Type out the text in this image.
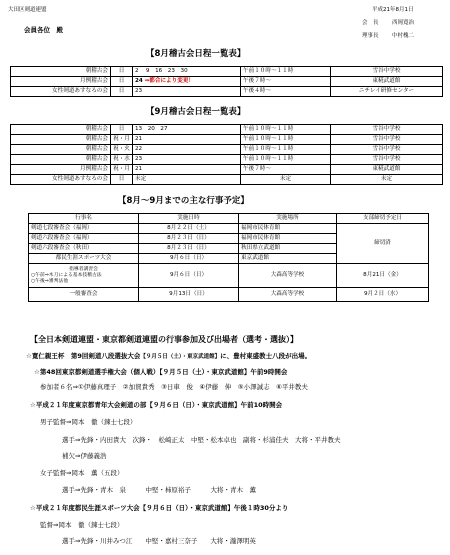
大田区剣道連盟	平成21年8月1日
会員各位　殿
会　長 西岡寛治
理事長 中村槐二
【8月稽古会日程一覧表】
朝稽古会	日	2　 9　16　23　30	午前１０時～１１時	雪谷中学校
月例稽古会	日	24 ⇒都合により変更！	午後７時～	東糀武道館
女性剣道あすなろの会	日	23	午後４時～	ニチレイ研修センター
【9月稽古会日程一覧表】
朝稽古会	日	13　20　27	午前１０時～１１時	雪谷中学校
朝稽古会	祝・月	21	午前１０時～１１時	雪谷中学校
朝稽古会	祝・火	22	午前１０時～１１時	雪谷中学校
朝稽古会	祝・水	23	午前１０時～１１時	雪谷中学校
月例稽古会	祝・月	21	午後７時～	東糀武道館
女性剣道あすなろの会	日	未定	未定	未定
【8月～9月までの主な行事予定】
行事名	実施日時	実施場所	支部締切予定日
剣道七段審査会（福岡）	8月２２日（土）	福岡市民体育館	締切済
剣道六段審査会（福岡）	8月２３日（日）	福岡市民体育館	
剣道六段審査会（秋田）	8月２３日（日）	秋田県立武道館	
都民生涯スポーツ大会	9月６日（日）	東京武道館	

指導者講習会
○午前⇒木刀による基本技稽古法
○午後⇒審判法他	9月６日（日）	大森高等学校	8月21日（金）
一般審査会	9月13日（日）	大森高等学校	9月２日（水）
【全日本剣道連盟・東京都剣道連盟の行事参加及び出場者（選考・選抜）】
☆寛仁親王杯　第9回剣道八段選抜大会【９月５日（土）・東京武道館】に、豊村東盛教士八段が出場。
☆第48回東京都剣道選手権大会（個人戦）【９月５日（土）・東京武道館】午前9時開会
参加者６名⇒①伊藤真理子　②加賀貴秀　③日車　俊　④伊藤　伸　⑤小澤誠志　⑥平井教夫
☆平成２１年度東京都青年大会剣道の部【９月６日（日）・東京武道館】午前10時開会
男子監督⇒岡本　徹（錬士七段）
選手⇒先鋒・内田貴大　次鋒・　松崎正太　中堅・松本卓也　副将・杉浦佳夫　大将・平井教夫
補欠⇒伊藤義浩
女子監督⇒岡本　薫（五段）
選手⇒先鋒・青木　泉　　　中堅・柿原裕子　　　大将・青木　薫
☆平成２１年度都民生涯スポーツ大会【９月６日（日）・東京武道館】午後１時30分より
監督⇒岡本　徹（錬士七段）
選手⇒先鋒・川井みつ江　　中堅・嘉村三奈子　　大将・瀧澤明英
